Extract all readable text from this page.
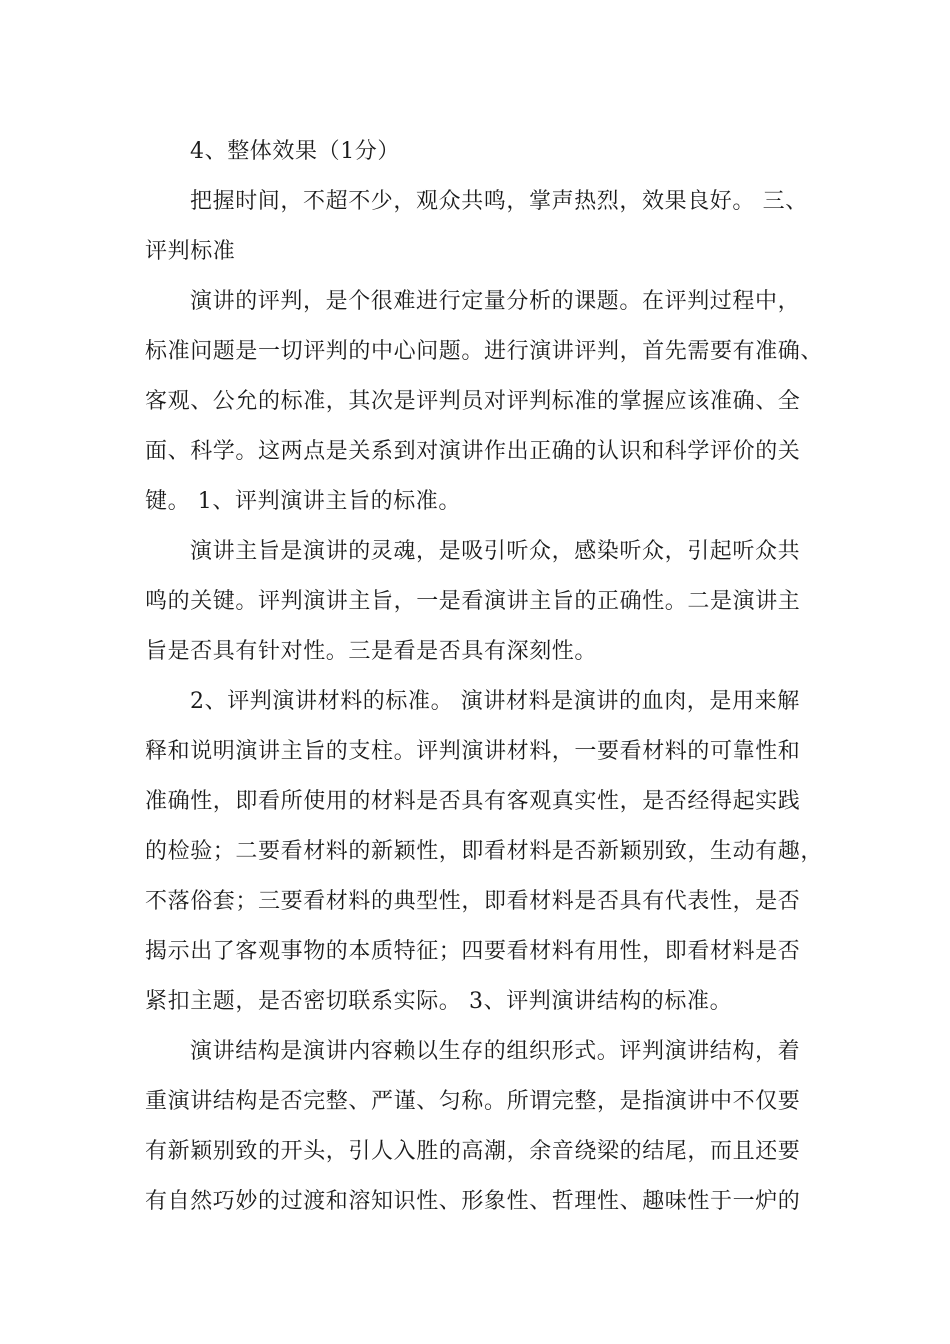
4、整体效果（1分）
把握时间，不超不少，观众共鸣，掌声热烈，效果良好。 三、
评判标准
演讲的评判，是个很难进行定量分析的课题。在评判过程中，
标准问题是一切评判的中心问题。进行演讲评判，首先需要有准确、
客观、公允的标准，其次是评判员对评判标准的掌握应该准确、全
面、科学。这两点是关系到对演讲作出正确的认识和科学评价的关
键。 1、评判演讲主旨的标准。
演讲主旨是演讲的灵魂，是吸引听众，感染听众，引起听众共
鸣的关键。评判演讲主旨，一是看演讲主旨的正确性。二是演讲主
旨是否具有针对性。三是看是否具有深刻性。
2、评判演讲材料的标准。 演讲材料是演讲的血肉，是用来解
释和说明演讲主旨的支柱。评判演讲材料，一要看材料的可靠性和
准确性，即看所使用的材料是否具有客观真实性，是否经得起实践
的检验；二要看材料的新颖性，即看材料是否新颖别致，生动有趣，
不落俗套；三要看材料的典型性，即看材料是否具有代表性，是否
揭示出了客观事物的本质特征；四要看材料有用性，即看材料是否
紧扣主题，是否密切联系实际。 3、评判演讲结构的标准。
演讲结构是演讲内容赖以生存的组织形式。评判演讲结构，着
重演讲结构是否完整、严谨、匀称。所谓完整，是指演讲中不仅要
有新颖别致的开头，引人入胜的高潮，余音绕梁的结尾，而且还要
有自然巧妙的过渡和溶知识性、形象性、哲理性、趣味性于一炉的
